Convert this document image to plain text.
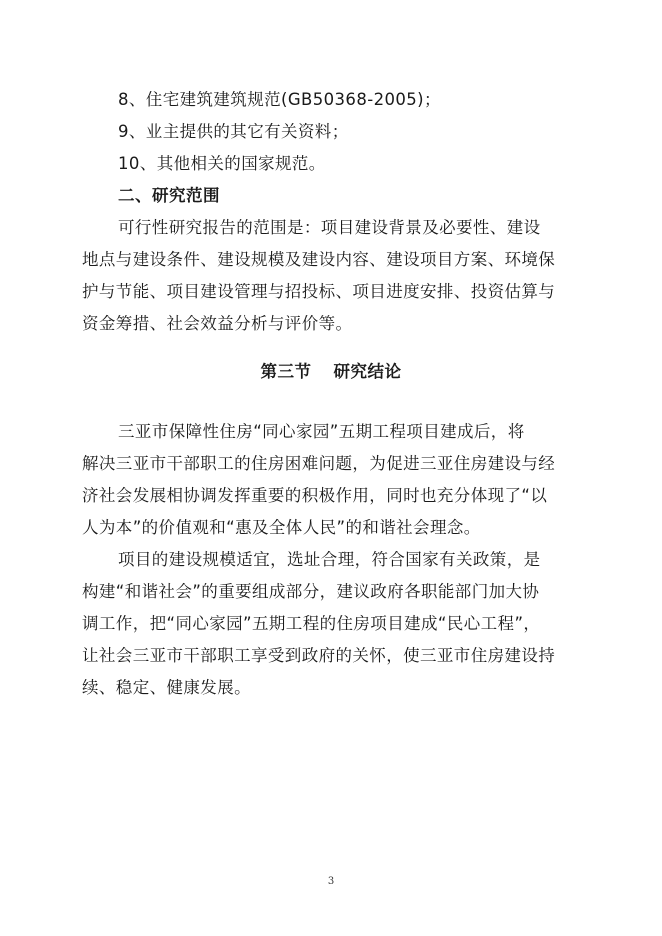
8、住宅建筑建筑规范(GB50368-2005)；
9、业主提供的其它有关资料；
10、其他相关的国家规范。
二、研究范围
可行性研究报告的范围是：项目建设背景及必要性、建设
地点与建设条件、建设规模及建设内容、建设项目方案、环境保
护与节能、项目建设管理与招投标、项目进度安排、投资估算与
资金筹措、社会效益分析与评价等。
第三节 研究结论
三亚市保障性住房“同心家园”五期工程项目建成后，将
解决三亚市干部职工的住房困难问题，为促进三亚住房建设与经
济社会发展相协调发挥重要的积极作用，同时也充分体现了“以
人为本”的价值观和“惠及全体人民”的和谐社会理念。
项目的建设规模适宜，选址合理，符合国家有关政策，是
构建“和谐社会”的重要组成部分，建议政府各职能部门加大协
调工作，把“同心家园”五期工程的住房项目建成“民心工程”，
让社会三亚市干部职工享受到政府的关怀，使三亚市住房建设持
续、稳定、健康发展。
3
